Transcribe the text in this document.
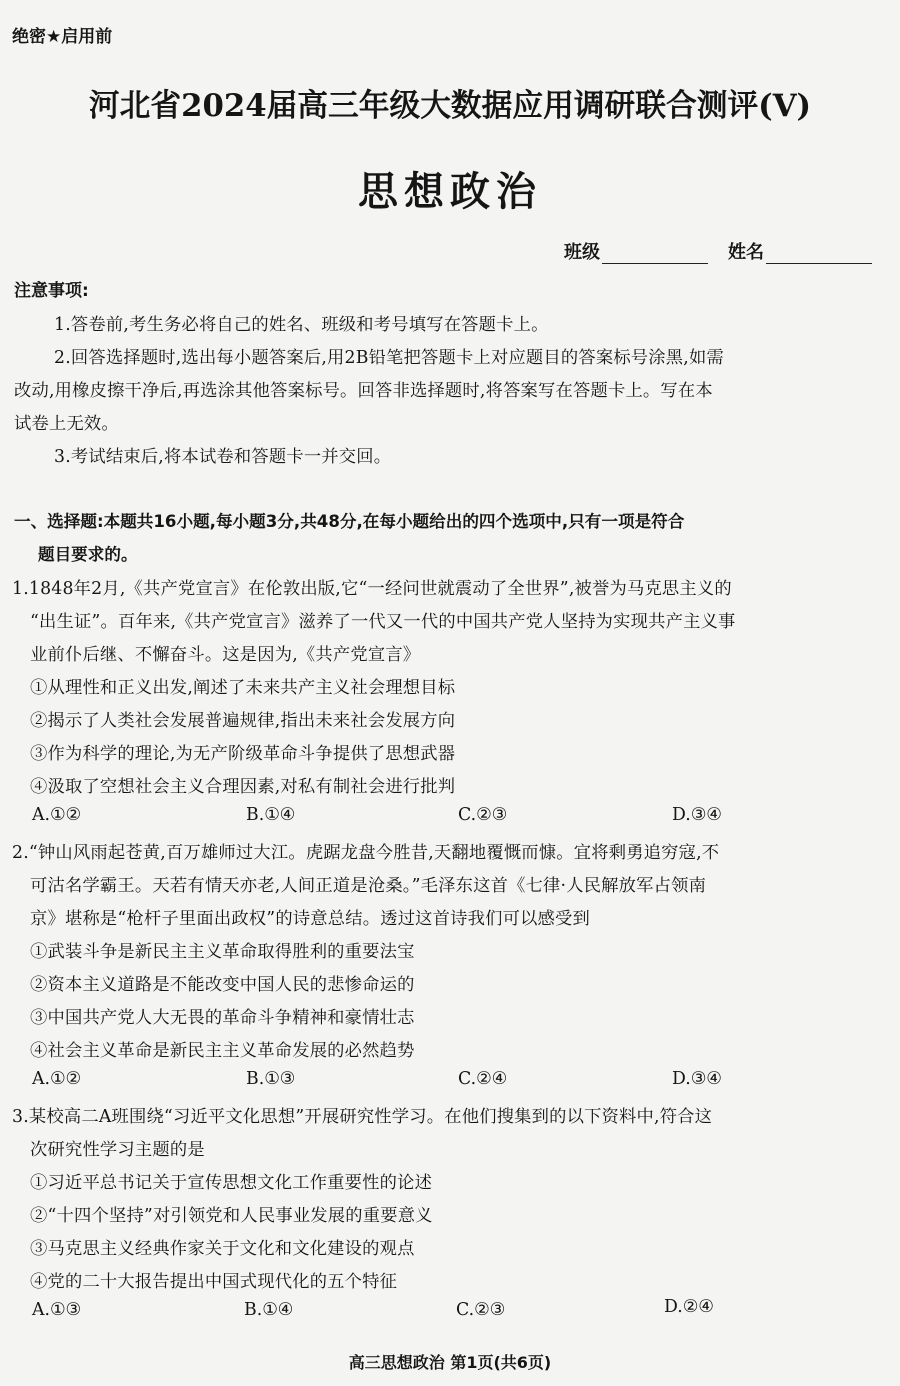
绝密★启用前
河北省2024届高三年级大数据应用调研联合测评(Ⅴ)
思想政治
班级	姓名
注意事项:
1.答卷前,考生务必将自己的姓名、班级和考号填写在答题卡上。
2.回答选择题时,选出每小题答案后,用2B铅笔把答题卡上对应题目的答案标号涂黑,如需
改动,用橡皮擦干净后,再选涂其他答案标号。回答非选择题时,将答案写在答题卡上。写在本
试卷上无效。
3.考试结束后,将本试卷和答题卡一并交回。
一、选择题:本题共16小题,每小题3分,共48分,在每小题给出的四个选项中,只有一项是符合
题目要求的。
1.1848年2月,《共产党宣言》在伦敦出版,它“一经问世就震动了全世界”,被誉为马克思主义的
“出生证”。百年来,《共产党宣言》滋养了一代又一代的中国共产党人坚持为实现共产主义事
业前仆后继、不懈奋斗。这是因为,《共产党宣言》
①从理性和正义出发,阐述了未来共产主义社会理想目标
②揭示了人类社会发展普遍规律,指出未来社会发展方向
③作为科学的理论,为无产阶级革命斗争提供了思想武器
④汲取了空想社会主义合理因素,对私有制社会进行批判
A.①②	B.①④	C.②③	D.③④
2.“钟山风雨起苍黄,百万雄师过大江。虎踞龙盘今胜昔,天翻地覆慨而慷。宜将剩勇追穷寇,不
可沽名学霸王。天若有情天亦老,人间正道是沧桑。”毛泽东这首《七律·人民解放军占领南
京》堪称是“枪杆子里面出政权”的诗意总结。透过这首诗我们可以感受到
①武装斗争是新民主主义革命取得胜利的重要法宝
②资本主义道路是不能改变中国人民的悲惨命运的
③中国共产党人大无畏的革命斗争精神和豪情壮志
④社会主义革命是新民主主义革命发展的必然趋势
A.①②	B.①③	C.②④	D.③④
3.某校高二A班围绕“习近平文化思想”开展研究性学习。在他们搜集到的以下资料中,符合这
次研究性学习主题的是
①习近平总书记关于宣传思想文化工作重要性的论述
②“十四个坚持”对引领党和人民事业发展的重要意义
③马克思主义经典作家关于文化和文化建设的观点
④党的二十大报告提出中国式现代化的五个特征
A.①③	B.①④	C.②③	D.②④
高三思想政治 第1页(共6页)
